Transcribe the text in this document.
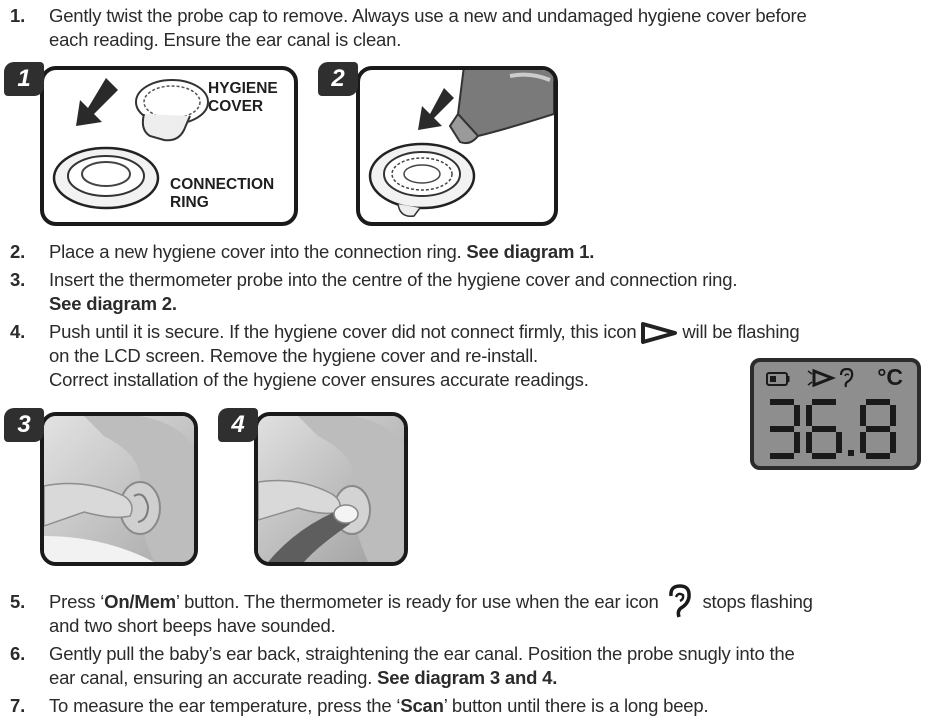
1.	Gently twist the probe cap to remove. Always use a new and undamaged hygiene cover before
each reading. Ensure the ear canal is clean.
1	HYGIENE
COVER
CONNECTION
RING
2
2.	Place a new hygiene cover into the connection ring. See diagram 1.
3.	Insert the thermometer probe into the centre of the hygiene cover and connection ring.
See diagram 2.
4.	Push until it is secure. If the hygiene cover did not connect firmly, this icon will be flashing
on the LCD screen. Remove the hygiene cover and re-install.
Correct installation of the hygiene cover ensures accurate readings.	°C
3	4
5.	Press ‘On/Mem’ button. The thermometer is ready for use when the ear icon stops flashing
and two short beeps have sounded.
6.	Gently pull the baby’s ear back, straightening the ear canal. Position the probe snugly into the
ear canal, ensuring an accurate reading. See diagram 3 and 4.
7.	To measure the ear temperature, press the ‘Scan’ button until there is a long beep.
